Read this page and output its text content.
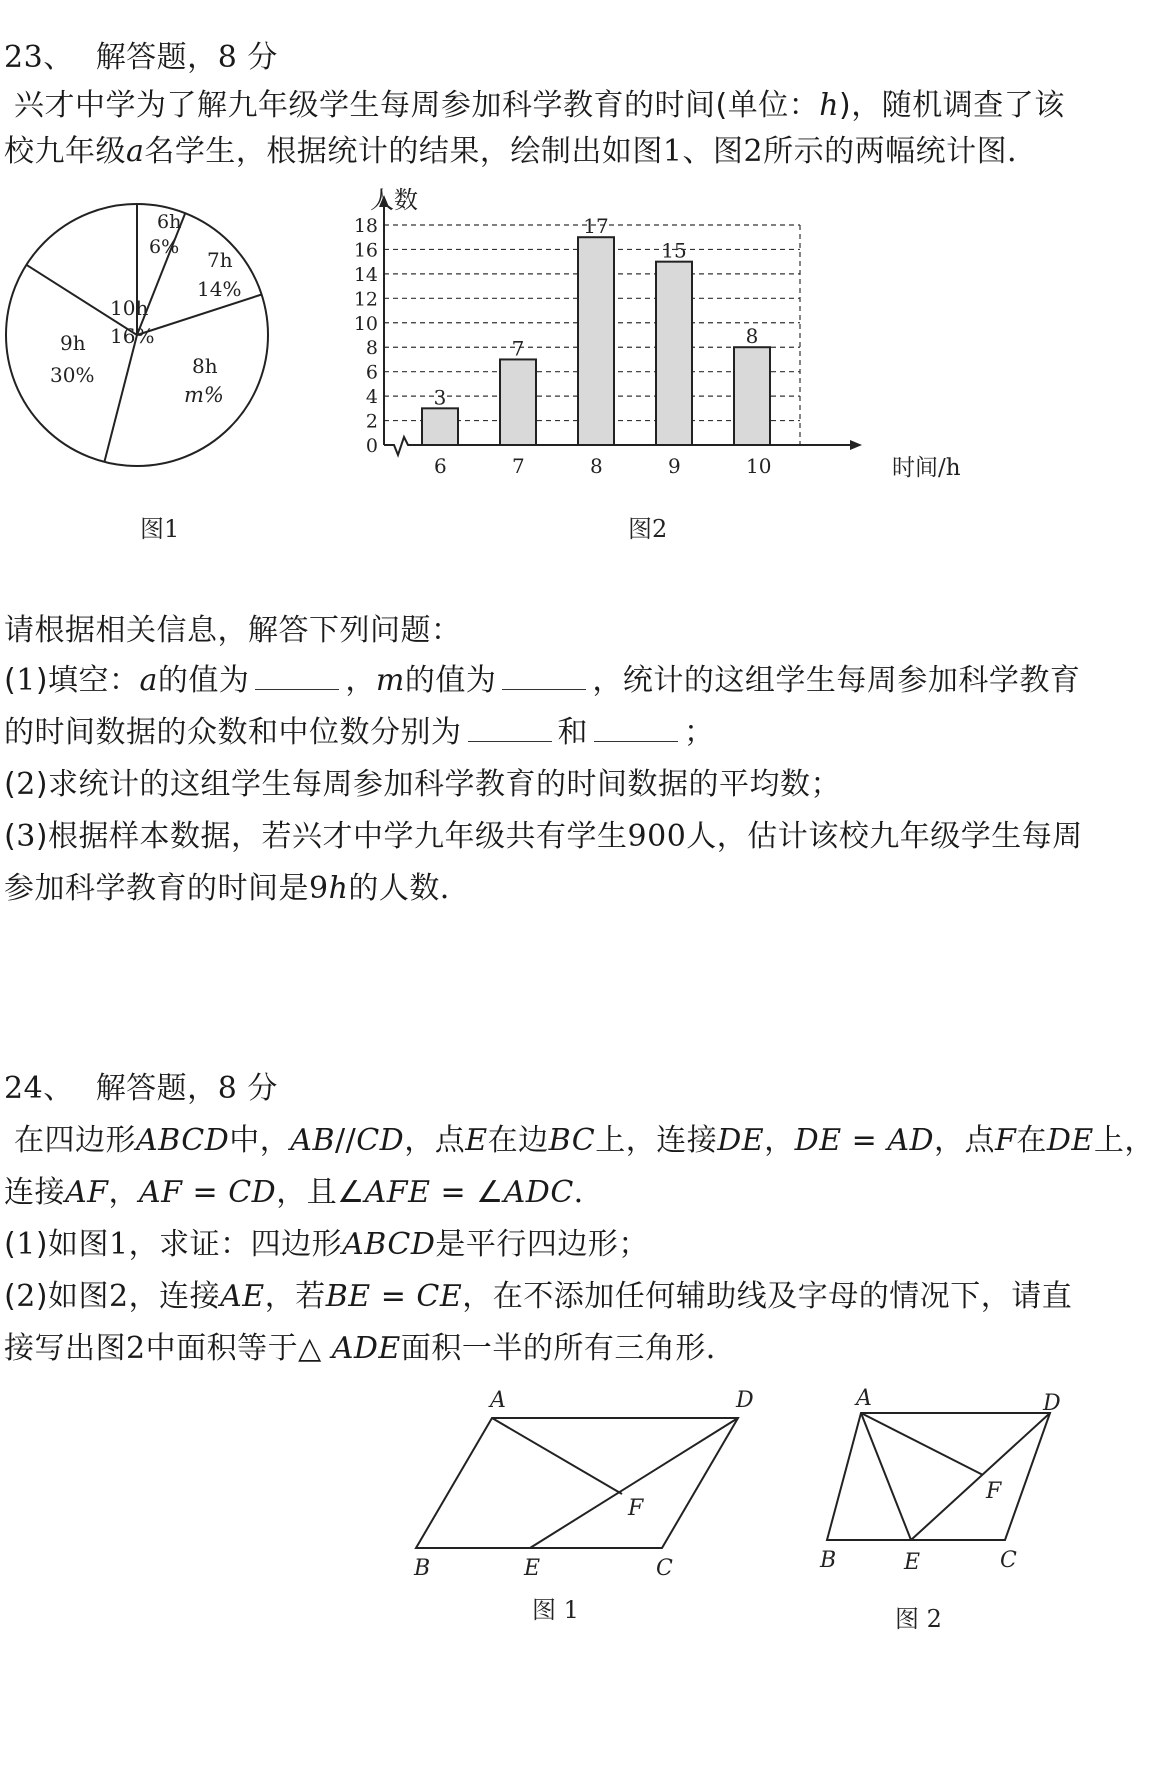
23、 解答题，8 分
兴才中学为了解九年级学生每周参加科学教育的时间(单位：h)，随机调查了该
校九年级a名学生，根据统计的结果，绘制出如图1、图2所示的两幅统计图．
10h
16%
6h
6%
7h
14%
8h
m%
9h
30%
图1
0
2
4
6
8
10
12
14
16
18
6	7	8	9	10
3
7
17
15
8
人数
时间/h
图2
请根据相关信息，解答下列问题：
(1)填空：a的值为	，m的值为	，统计的这组学生每周参加科学教育
的时间数据的众数和中位数分别为	和	；
(2)求统计的这组学生每周参加科学教育的时间数据的平均数；
(3)根据样本数据，若兴才中学九年级共有学生900人，估计该校九年级学生每周
参加科学教育的时间是9h的人数．
24、 解答题，8 分
在四边形ABCD中，AB//CD，点E在边BC上，连接DE，DE = AD，点F在DE上，
连接AF，AF = CD，且∠AFE = ∠ADC．
(1)如图1，求证：四边形ABCD是平行四边形；
(2)如图2，连接AE，若BE = CE，在不添加任何辅助线及字母的情况下，请直
接写出图2中面积等于△ ADE面积一半的所有三角形．
A	D
B	E	C
F
图 1
A	D
B	E	C
F
图 2
